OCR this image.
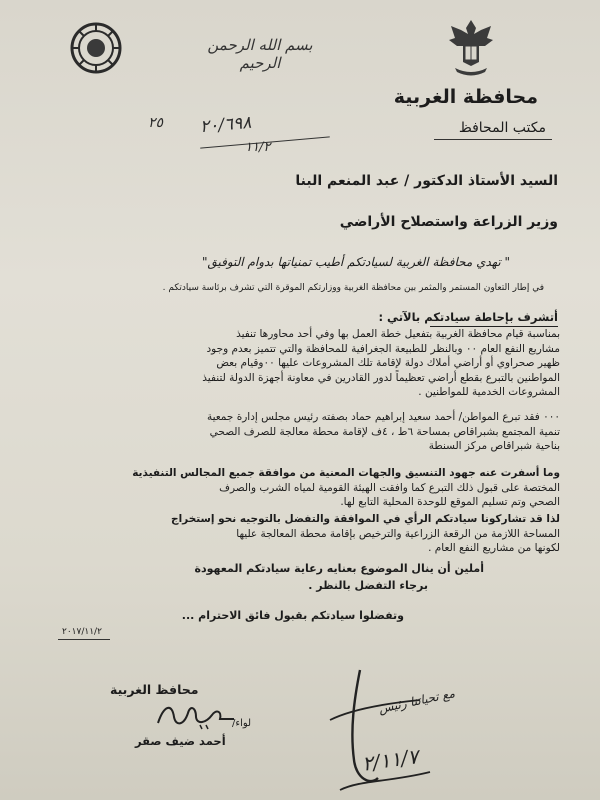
بسم الله الرحمن الرحيم
محافظة الغربية
مكتب المحافظ
٢٥ ٢٠/٦٩٨
١١/٢
السيد الأستاذ الدكتور / عبد المنعم البنا
وزير الزراعة واستصلاح الأراضي
" تهدي محافظة الغربية لسيادتكم أطيب تمنياتها بدوام التوفيق"
في إطار التعاون المستمر والمثمر بين محافظة الغربية ووزارتكم الموقرة التي تشرف برئاسة سيادتكم .
أتشرف بإحاطة سيادتكم بالآتي :
بمناسبة قيام محافظة الغربية بتفعيل خطة العمل بها وفي أحد محاورها تنفيذ
مشاريع النفع العام ٠٠ وبالنظر للطبيعة الجغرافية للمحافظة والتي تتميز بعدم وجود
ظهير صحراوي أو أراضي أملاك دولة لإقامة تلك المشروعات عليها ٠٠وقيام بعض
المواطنين بالتبرع بقطع أراضي تعظيماً لدور القادرين في معاونة أجهزة الدولة لتنفيذ
المشروعات الخدمية للمواطنين .
٠٠٠ فقد تبرع المواطن/ أحمد سعيد إبراهيم حماد بصفته رئيس مجلس إدارة جمعية
تنمية المجتمع بشبراقاص بمساحة ٦ط ، ٤ف لإقامة محطة معالجة للصرف الصحي
بناحية شبراقاص مركز السنطة
وما أسفرت عنه جهود التنسيق والجهات المعنية من موافقة جميع المجالس التنفيذية
المختصة على قبول ذلك التبرع كما وافقت الهيئة القومية لمياه الشرب والصرف
الصحي وتم تسليم الموقع للوحدة المحلية التابع لها.
لذا قد تشاركونا سيادتكم الرأي في الموافقة والتفضل بالتوجيه نحو إستخراج
المساحة اللازمة من الرقعة الزراعية والترخيص بإقامة محطة المعالجة عليها
لكونها من مشاريع النفع العام .
أملين أن ينال الموضوع بعنايه رعاية سيادتكم المعهودة
برجاء التفضل بالنظر .
وتفضلوا سيادتكم بقبول فائق الاحترام ...
٢٠١٧/١١/٢
محافظ الغربية
لواء/
أحمد ضيف صقر
مع تحياتنا رئيس
٢/١١/٧
